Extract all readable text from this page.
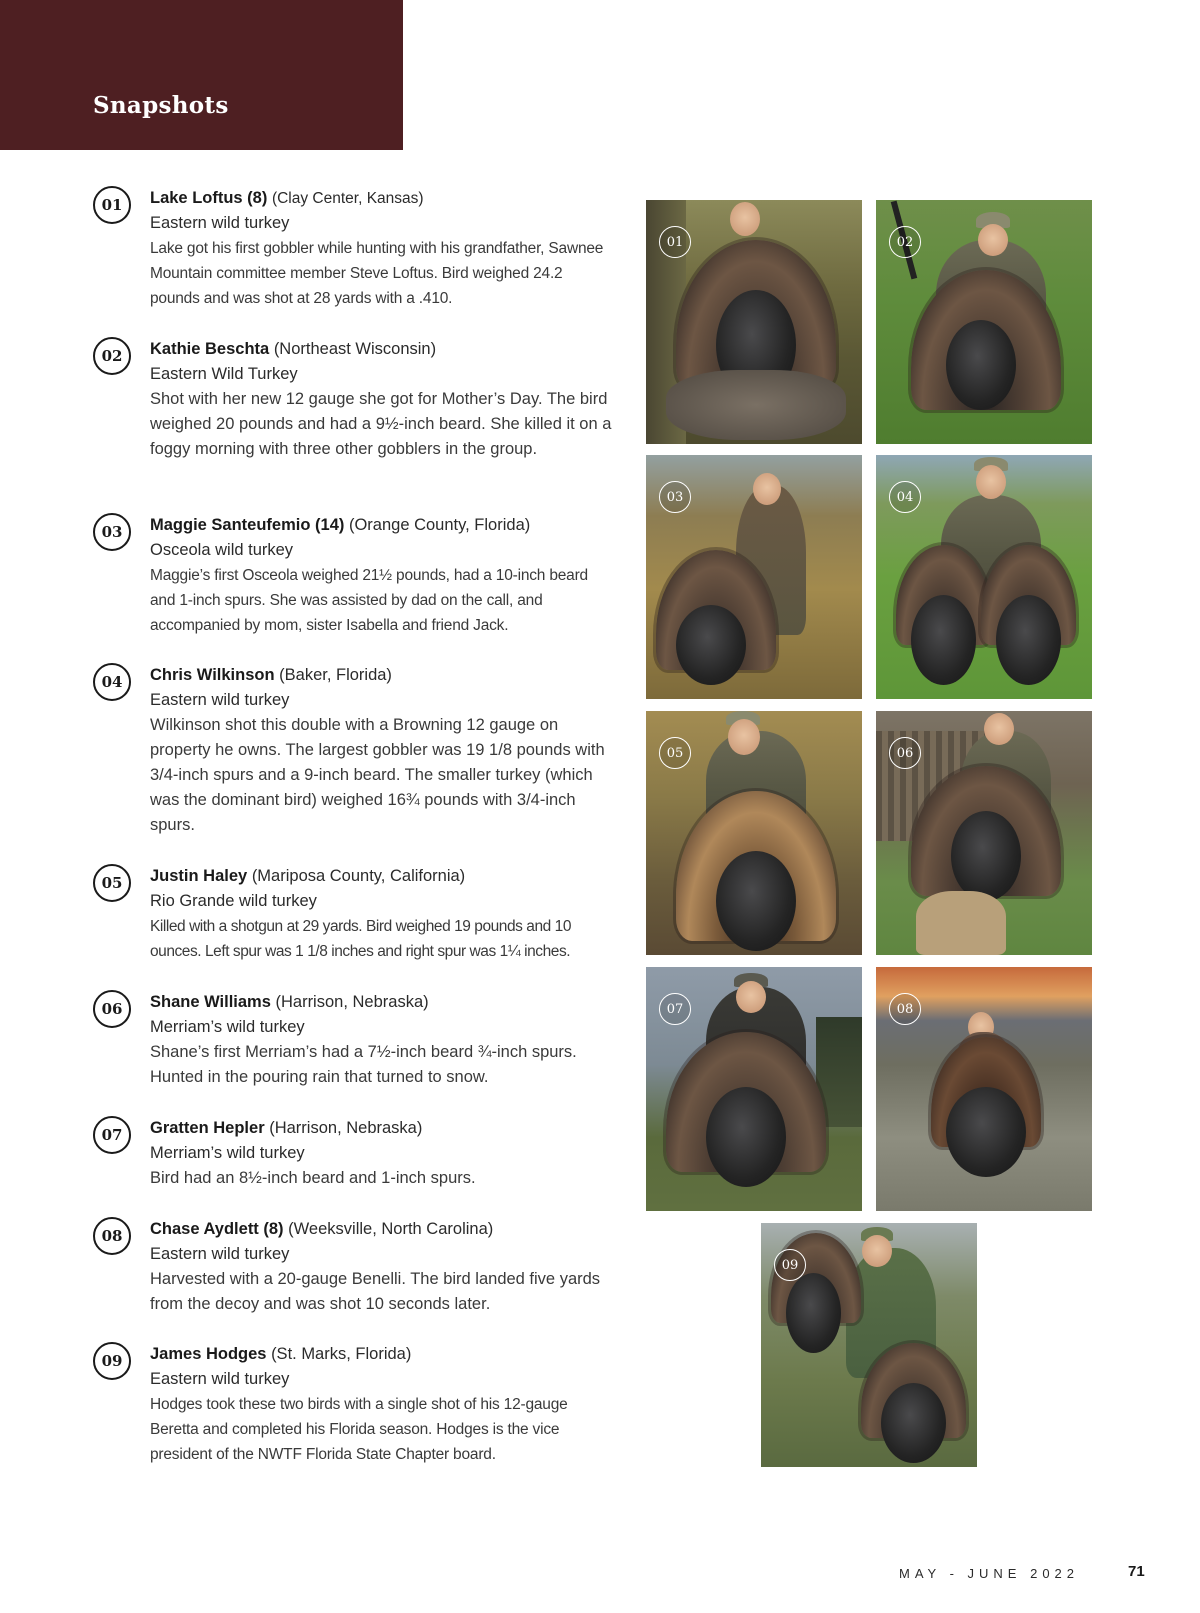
Snapshots
01	Lake Loftus (8) (Clay Center, Kansas)
Eastern wild turkey
Lake got his first gobbler while hunting with his grandfather, Sawnee Mountain committee member Steve Loftus. Bird weighed 24.2 pounds and was shot at 28 yards with a .410.
02	Kathie Beschta (Northeast Wisconsin)
Eastern Wild Turkey
Shot with her new 12 gauge she got for Mother’s Day. The bird weighed 20 pounds and had a 9½-inch beard. She killed it on a foggy morning with three other gobblers in the group.
03	Maggie Santeufemio (14) (Orange County, Florida)
Osceola wild turkey
Maggie’s first Osceola weighed 21½ pounds, had a 10-inch beard and 1-inch spurs. She was assisted by dad on the call, and accompanied by mom, sister Isabella and friend Jack.
04	Chris Wilkinson (Baker, Florida)
Eastern wild turkey
Wilkinson shot this double with a Browning 12 gauge on property he owns. The largest gobbler was 19 1/8 pounds with 3/4-inch spurs and a 9-inch beard. The smaller turkey (which was the dominant bird) weighed 16¾ pounds with 3/4-inch spurs.
05	Justin Haley (Mariposa County, California)
Rio Grande wild turkey
Killed with a shotgun at 29 yards. Bird weighed 19 pounds and 10 ounces. Left spur was 1 1/8 inches and right spur was 1¼ inches.
06	Shane Williams (Harrison, Nebraska)
Merriam’s wild turkey
Shane’s first Merriam’s had a 7½-inch beard ¾-inch spurs. Hunted in the pouring rain that turned to snow.
07	Gratten Hepler (Harrison, Nebraska)
Merriam’s wild turkey
Bird had an 8½-inch beard and 1-inch spurs.
08	Chase Aydlett (8) (Weeksville, North Carolina)
Eastern wild turkey
Harvested with a 20-gauge Benelli. The bird landed five yards from the decoy and was shot 10 seconds later.
09	James Hodges (St. Marks, Florida)
Eastern wild turkey
Hodges took these two birds with a single shot of his 12-gauge Beretta and completed his Florida season. Hodges is the vice president of the NWTF Florida State Chapter board.
01	02
03	04
05	06
07	08
09
MAY - JUNE 2022	71
